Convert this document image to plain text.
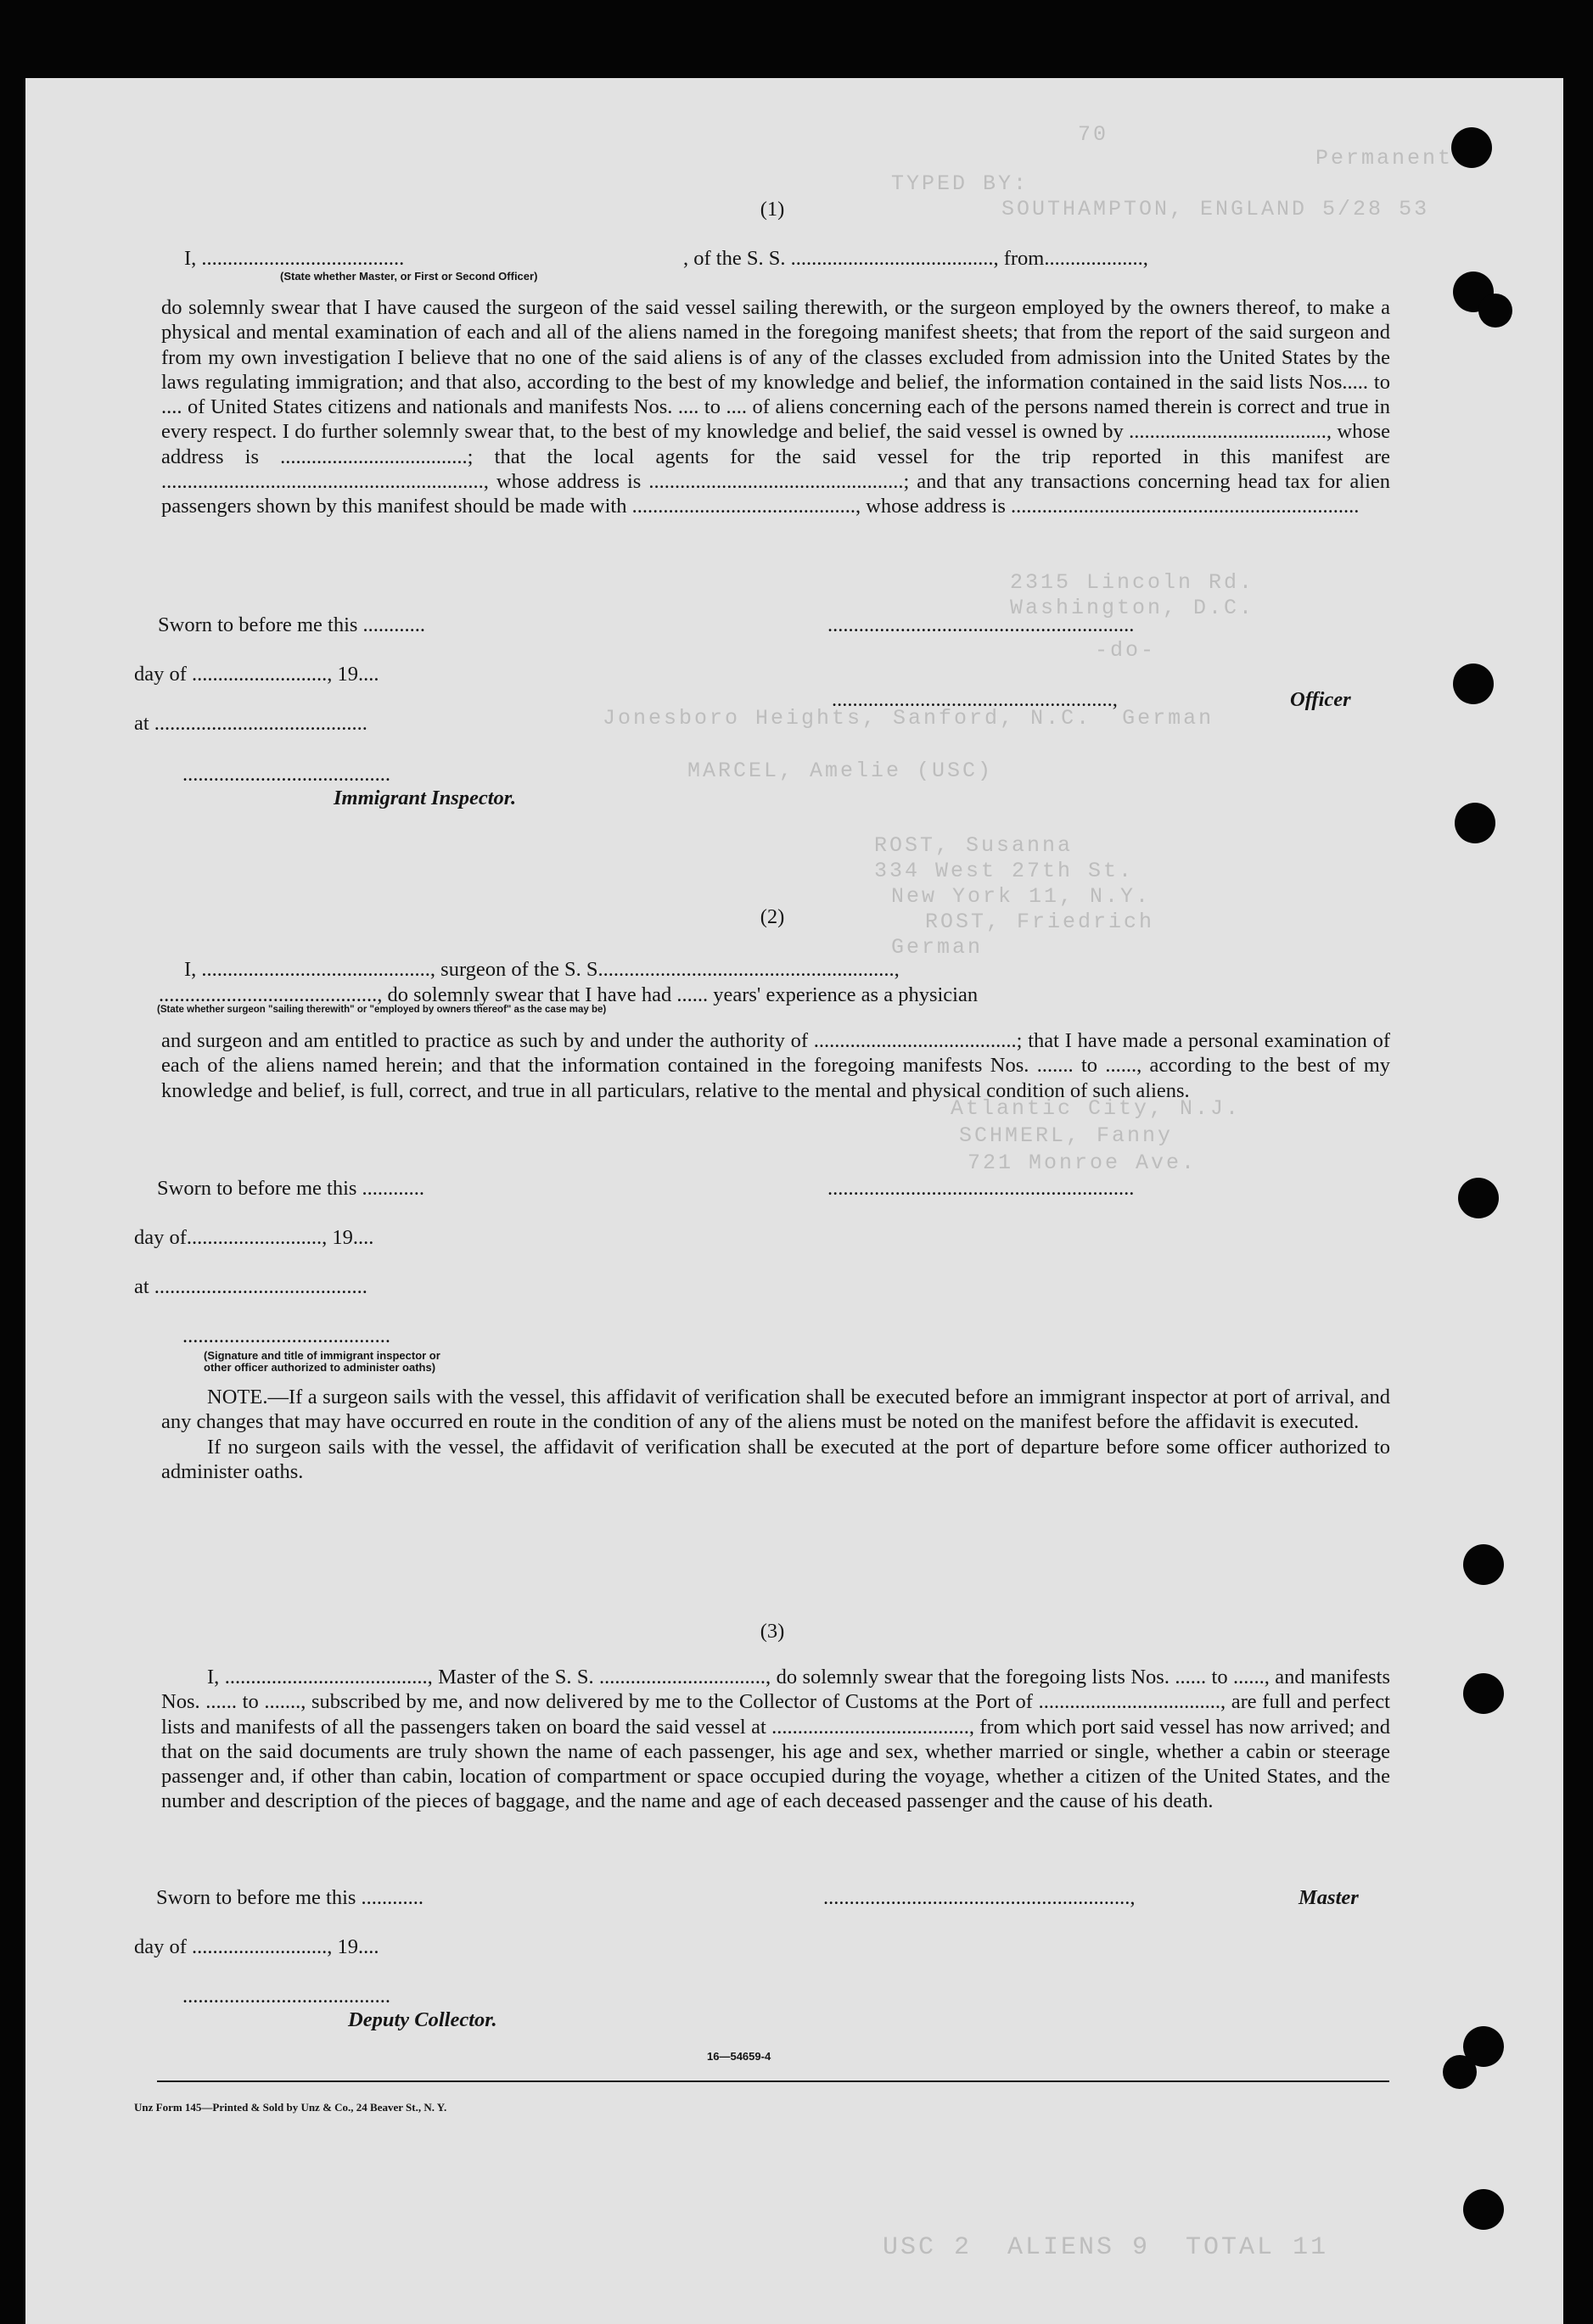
70
Permanent
TYPED BY:
SOUTHAMPTON, ENGLAND 5/28 53
2315 Lincoln Rd.
Washington, D.C.
-do-
Jonesboro Heights, Sanford, N.C.  German
MARCEL, Amelie (USC)
ROST, Susanna
334 West 27th St.
New York 11, N.Y.
ROST, Friedrich
German
Atlantic City, N.J.
SCHMERL, Fanny
721 Monroe Ave.
USC 2  ALIENS 9  TOTAL 11
(1)
I, .......................................	, of the S. S. ......................................., from...................,
(State whether Master, or First or Second Officer)

do solemnly swear that I have caused the surgeon of the said vessel sailing therewith, or the surgeon employed by the owners thereof, to make a physical and mental examination of each and all of the aliens named in the foregoing manifest sheets; that from the report of the said surgeon and from my own investigation I believe that no one of the said aliens is of any of the classes excluded from admission into the United States by the laws regulating immigration; and that also, according to the best of my knowledge and belief, the information contained in the said lists Nos..... to .... of United States citizens and nationals and manifests Nos. .... to .... of aliens concerning each of the persons named therein is correct and true in every respect. I do further solemnly swear that, to the best of my knowledge and belief, the said vessel is owned by ......................................, whose address is ....................................; that the local agents for the said vessel for the trip reported in this manifest are .............................................................., whose address is .................................................; and that any transactions concerning head tax for alien passengers shown by this manifest should be made with ..........................................., whose address is ...................................................................

Sworn to before me this ............	...........................................................
day of .........................., 19....
......................................................,	Officer
at .........................................
........................................
Immigrant Inspector.
(2)
I, ............................................, surgeon of the S. S.........................................................,
.........................................., do solemnly swear that I have had ...... years' experience as a physician
(State whether surgeon "sailing therewith" or "employed by owners thereof" as the case may be)

and surgeon and am entitled to practice as such by and under the authority of .......................................; that I have made a personal examination of each of the aliens named herein; and that the information contained in the foregoing manifests Nos. ....... to ......, according to the best of my knowledge and belief, is full, correct, and true in all particulars, relative to the mental and physical condition of such aliens.

Sworn to before me this ............	...........................................................
day of.........................., 19....
at .........................................
........................................
(Signature and title of immigrant inspector or
other officer authorized to administer oaths)

NOTE.—If a surgeon sails with the vessel, this affidavit of verification shall be executed before an immigrant inspector at port of arrival, and any changes that may have occurred en route in the condition of any of the aliens must be noted on the manifest before the affidavit is executed.

If no surgeon sails with the vessel, the affidavit of verification shall be executed at the port of departure before some officer authorized to administer oaths.

(3)

I, ......................................., Master of the S. S. ................................, do solemnly swear that the foregoing lists Nos. ...... to ......, and manifests Nos. ...... to ......., subscribed by me, and now delivered by me to the Collector of Customs at the Port of ..................................., are full and perfect lists and manifests of all the passengers taken on board the said vessel at ......................................, from which port said vessel has now arrived; and that on the said documents are truly shown the name of each passenger, his age and sex, whether married or single, whether a cabin or steerage passenger and, if other than cabin, location of compartment or space occupied during the voyage, whether a citizen of the United States, and the number and description of the pieces of baggage, and the name and age of each deceased passenger and the cause of his death.

Sworn to before me this ............	...........................................................,	Master
day of .........................., 19....
........................................
Deputy Collector.
16—54659-4
Unz Form 145—Printed & Sold by Unz & Co., 24 Beaver St., N. Y.
